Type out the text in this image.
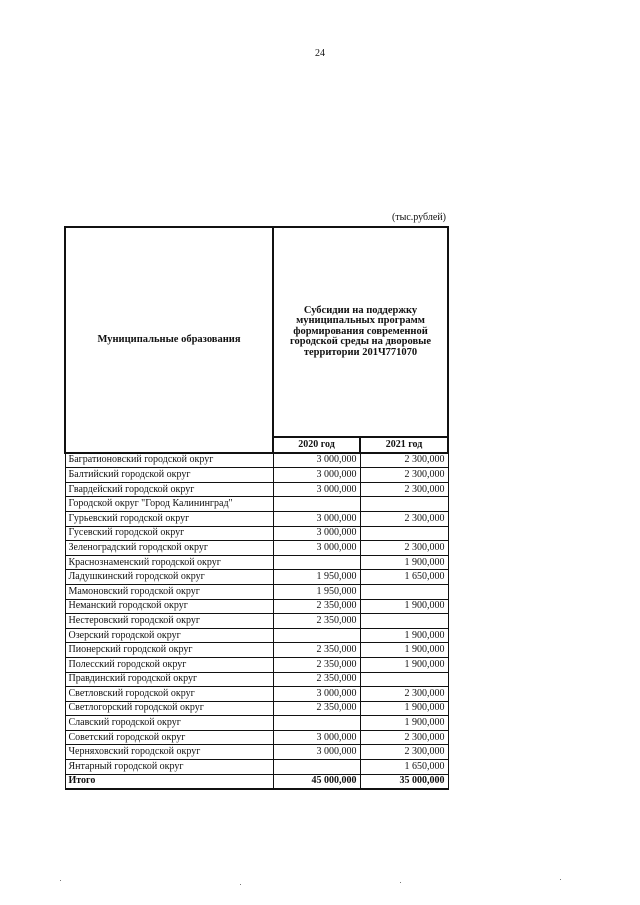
24
(тыс.рублей)
Муниципальные образования	Субсидии на поддержку муниципальных программ формирования современной городской среды на дворовые территории 201Ч771070	
	2020 год	2021 год
Багратионовский городской округ	3 000,000	2 300,000
Балтийский городской округ	3 000,000	2 300,000
Гвардейский городской округ	3 000,000	2 300,000
Городской округ "Город Калининград"		
Гурьевский городской округ	3 000,000	2 300,000
Гусевский городской округ	3 000,000	
Зеленоградский городской округ	3 000,000	2 300,000
Краснознаменский городской округ		1 900,000
Ладушкинский городской округ	1 950,000	1 650,000
Мамоновский городской округ	1 950,000	
Неманский городской округ	2 350,000	1 900,000
Нестеровский городской округ	2 350,000	
Озерский городской округ		1 900,000
Пионерский городской округ	2 350,000	1 900,000
Полесский городской округ	2 350,000	1 900,000
Правдинский городской округ	2 350,000	
Светловский городской округ	3 000,000	2 300,000
Светлогорский городской округ	2 350,000	1 900,000
Славский городской округ		1 900,000
Советский городской округ	3 000,000	2 300,000
Черняховский городской округ	3 000,000	2 300,000
Янтарный городской округ		1 650,000
Итого	45 000,000	35 000,000
